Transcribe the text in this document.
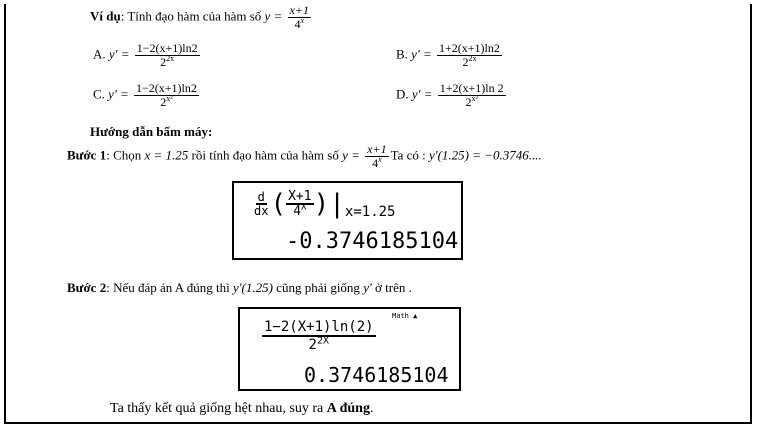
Ví dụ: Tính đạo hàm của hàm số $y = \frac{x+1}{4^x}$
A. $y' = \frac{1-2(x+1)\ln 2}{2^{2x}}$	B. $y' = \frac{1+2(x+1)\ln 2}{2^{2x}}$
C. $y' = \frac{1-2(x+1)\ln 2}{2^{x^2}}$	D. $y' = \frac{1+2(x+1)\ln 2}{2^{x^2}}$
Hướng dẫn bấm máy:
Bước 1: Chọn x = 1.25 rồi tính đạo hàm của hàm số $y = \frac{x+1}{4^x}$ Ta có : y'(1.25) = −0.3746....
$\frac{d}{dx}$ ( $\frac{X+1}{4^X} )|x=1.25$
-0.3746185104
Bước 2: Nếu đáp án A đúng thì y'(1.25) cũng phải giống y' ở trên .
Math ▲
$\frac{1-2(X+1)\ln(2)}{2^{2X}}$
0.3746185104
Ta thấy kết quả giống hệt nhau, suy ra A đúng.
